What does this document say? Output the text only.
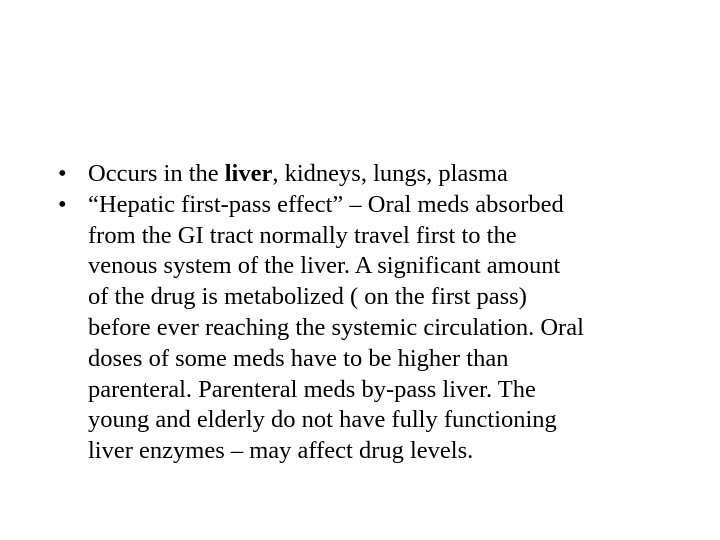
• Occurs in the liver, kidneys, lungs, plasma
• “Hepatic first-pass effect” – Oral meds absorbed
from the GI tract normally travel first to the
venous system of the liver. A significant amount
of the drug is metabolized ( on the first pass)
before ever reaching the systemic circulation. Oral
doses of some meds have to be higher than
parenteral. Parenteral meds by-pass liver. The
young and elderly do not have fully functioning
liver enzymes – may affect drug levels.
